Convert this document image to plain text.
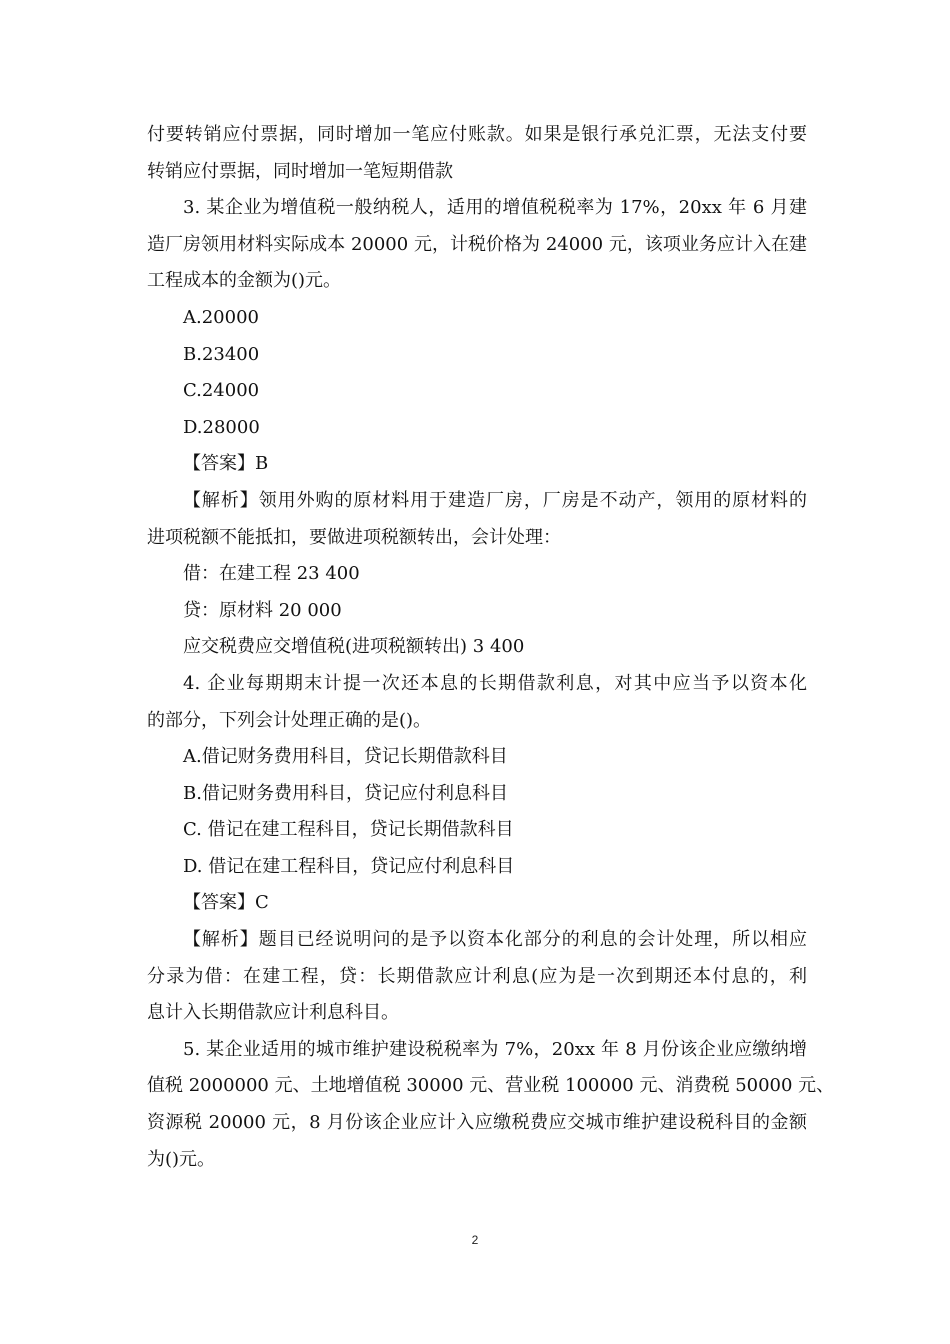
付要转销应付票据，同时增加一笔应付账款。如果是银行承兑汇票，无法支付要
转销应付票据，同时增加一笔短期借款
3. 某企业为增值税一般纳税人，适用的增值税税率为 17%，20xx 年 6 月建
造厂房领用材料实际成本 20000 元，计税价格为 24000 元，该项业务应计入在建
工程成本的金额为()元。
A.20000
B.23400
C.24000
D.28000
【答案】B
【解析】领用外购的原材料用于建造厂房，厂房是不动产，领用的原材料的
进项税额不能抵扣，要做进项税额转出，会计处理：
借：在建工程 23 400
贷：原材料 20 000
应交税费应交增值税(进项税额转出) 3 400
4. 企业每期期末计提一次还本息的长期借款利息，对其中应当予以资本化
的部分，下列会计处理正确的是()。
A.借记财务费用科目，贷记长期借款科目
B.借记财务费用科目，贷记应付利息科目
C. 借记在建工程科目，贷记长期借款科目
D. 借记在建工程科目，贷记应付利息科目
【答案】C
【解析】题目已经说明问的是予以资本化部分的利息的会计处理，所以相应
分录为借：在建工程，贷：长期借款应计利息(应为是一次到期还本付息的，利
息计入长期借款应计利息科目。
5. 某企业适用的城市维护建设税税率为 7%，20xx 年 8 月份该企业应缴纳增
值税 2000000 元、土地增值税 30000 元、营业税 100000 元、消费税 50000 元、
资源税 20000 元，8 月份该企业应计入应缴税费应交城市维护建设税科目的金额
为()元。
2
